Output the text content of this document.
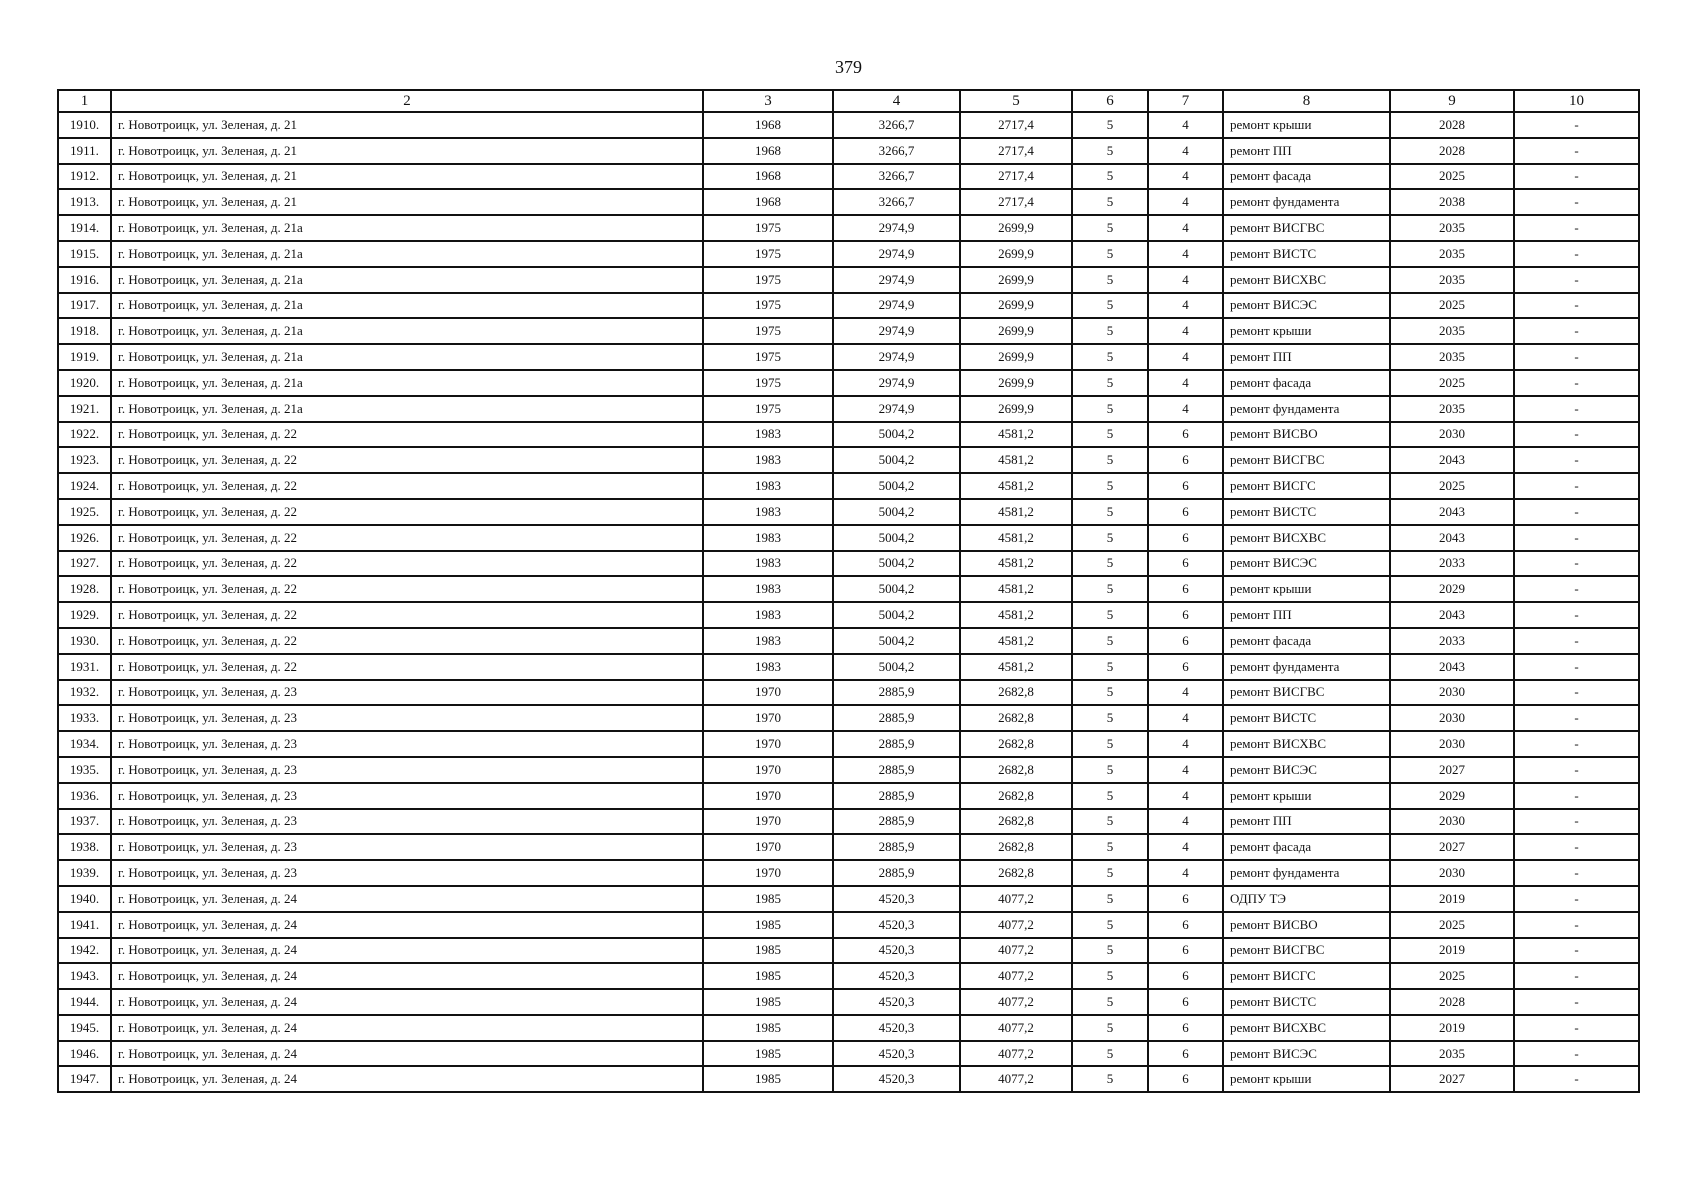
379
1	2	3	4	5	6	7	8	9	10
1910.	г. Новотроицк, ул. Зеленая, д. 21	1968	3266,7	2717,4	5	4	ремонт крыши	2028	-
1911.	г. Новотроицк, ул. Зеленая, д. 21	1968	3266,7	2717,4	5	4	ремонт ПП	2028	-
1912.	г. Новотроицк, ул. Зеленая, д. 21	1968	3266,7	2717,4	5	4	ремонт фасада	2025	-
1913.	г. Новотроицк, ул. Зеленая, д. 21	1968	3266,7	2717,4	5	4	ремонт фундамента	2038	-
1914.	г. Новотроицк, ул. Зеленая, д. 21а	1975	2974,9	2699,9	5	4	ремонт ВИСГВС	2035	-
1915.	г. Новотроицк, ул. Зеленая, д. 21а	1975	2974,9	2699,9	5	4	ремонт ВИСТС	2035	-
1916.	г. Новотроицк, ул. Зеленая, д. 21а	1975	2974,9	2699,9	5	4	ремонт ВИСХВС	2035	-
1917.	г. Новотроицк, ул. Зеленая, д. 21а	1975	2974,9	2699,9	5	4	ремонт ВИСЭС	2025	-
1918.	г. Новотроицк, ул. Зеленая, д. 21а	1975	2974,9	2699,9	5	4	ремонт крыши	2035	-
1919.	г. Новотроицк, ул. Зеленая, д. 21а	1975	2974,9	2699,9	5	4	ремонт ПП	2035	-
1920.	г. Новотроицк, ул. Зеленая, д. 21а	1975	2974,9	2699,9	5	4	ремонт фасада	2025	-
1921.	г. Новотроицк, ул. Зеленая, д. 21а	1975	2974,9	2699,9	5	4	ремонт фундамента	2035	-
1922.	г. Новотроицк, ул. Зеленая, д. 22	1983	5004,2	4581,2	5	6	ремонт ВИСВО	2030	-
1923.	г. Новотроицк, ул. Зеленая, д. 22	1983	5004,2	4581,2	5	6	ремонт ВИСГВС	2043	-
1924.	г. Новотроицк, ул. Зеленая, д. 22	1983	5004,2	4581,2	5	6	ремонт ВИСГС	2025	-
1925.	г. Новотроицк, ул. Зеленая, д. 22	1983	5004,2	4581,2	5	6	ремонт ВИСТС	2043	-
1926.	г. Новотроицк, ул. Зеленая, д. 22	1983	5004,2	4581,2	5	6	ремонт ВИСХВС	2043	-
1927.	г. Новотроицк, ул. Зеленая, д. 22	1983	5004,2	4581,2	5	6	ремонт ВИСЭС	2033	-
1928.	г. Новотроицк, ул. Зеленая, д. 22	1983	5004,2	4581,2	5	6	ремонт крыши	2029	-
1929.	г. Новотроицк, ул. Зеленая, д. 22	1983	5004,2	4581,2	5	6	ремонт ПП	2043	-
1930.	г. Новотроицк, ул. Зеленая, д. 22	1983	5004,2	4581,2	5	6	ремонт фасада	2033	-
1931.	г. Новотроицк, ул. Зеленая, д. 22	1983	5004,2	4581,2	5	6	ремонт фундамента	2043	-
1932.	г. Новотроицк, ул. Зеленая, д. 23	1970	2885,9	2682,8	5	4	ремонт ВИСГВС	2030	-
1933.	г. Новотроицк, ул. Зеленая, д. 23	1970	2885,9	2682,8	5	4	ремонт ВИСТС	2030	-
1934.	г. Новотроицк, ул. Зеленая, д. 23	1970	2885,9	2682,8	5	4	ремонт ВИСХВС	2030	-
1935.	г. Новотроицк, ул. Зеленая, д. 23	1970	2885,9	2682,8	5	4	ремонт ВИСЭС	2027	-
1936.	г. Новотроицк, ул. Зеленая, д. 23	1970	2885,9	2682,8	5	4	ремонт крыши	2029	-
1937.	г. Новотроицк, ул. Зеленая, д. 23	1970	2885,9	2682,8	5	4	ремонт ПП	2030	-
1938.	г. Новотроицк, ул. Зеленая, д. 23	1970	2885,9	2682,8	5	4	ремонт фасада	2027	-
1939.	г. Новотроицк, ул. Зеленая, д. 23	1970	2885,9	2682,8	5	4	ремонт фундамента	2030	-
1940.	г. Новотроицк, ул. Зеленая, д. 24	1985	4520,3	4077,2	5	6	ОДПУ ТЭ	2019	-
1941.	г. Новотроицк, ул. Зеленая, д. 24	1985	4520,3	4077,2	5	6	ремонт ВИСВО	2025	-
1942.	г. Новотроицк, ул. Зеленая, д. 24	1985	4520,3	4077,2	5	6	ремонт ВИСГВС	2019	-
1943.	г. Новотроицк, ул. Зеленая, д. 24	1985	4520,3	4077,2	5	6	ремонт ВИСГС	2025	-
1944.	г. Новотроицк, ул. Зеленая, д. 24	1985	4520,3	4077,2	5	6	ремонт ВИСТС	2028	-
1945.	г. Новотроицк, ул. Зеленая, д. 24	1985	4520,3	4077,2	5	6	ремонт ВИСХВС	2019	-
1946.	г. Новотроицк, ул. Зеленая, д. 24	1985	4520,3	4077,2	5	6	ремонт ВИСЭС	2035	-
1947.	г. Новотроицк, ул. Зеленая, д. 24	1985	4520,3	4077,2	5	6	ремонт крыши	2027	-
